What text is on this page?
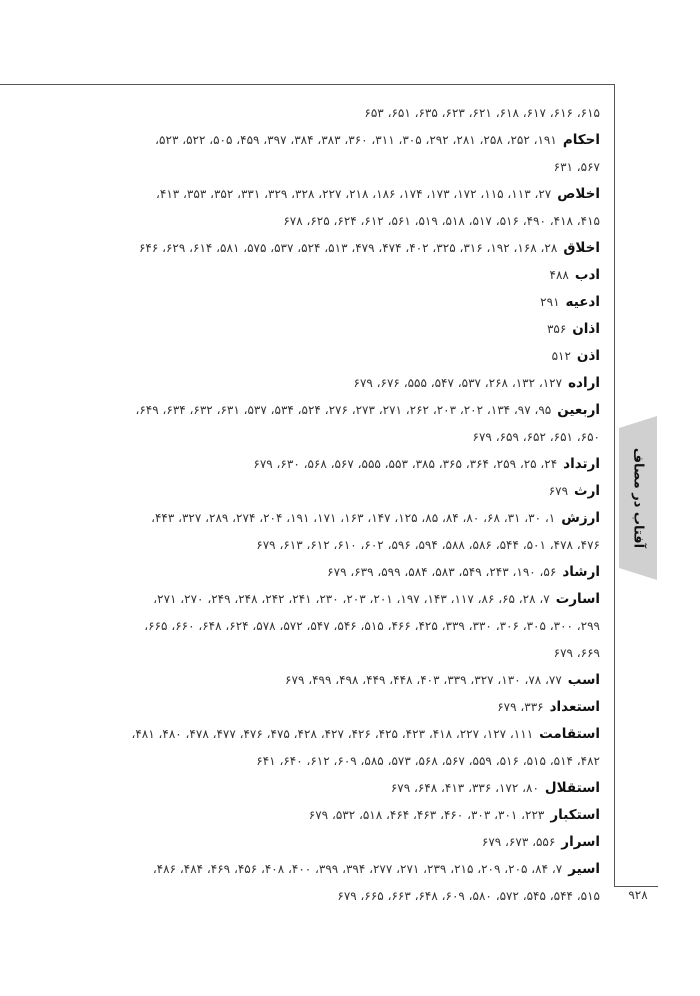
آفتاب در مصاف
۹۲۸
۶۱۵، ۶۱۶، ۶۱۷، ۶۱۸، ۶۲۱، ۶۲۳، ۶۳۵، ۶۵۱، ۶۵۳
احکام۱۹۱، ۲۵۲، ۲۵۸، ۲۸۱، ۲۹۲، ۳۰۵، ۳۱۱، ۳۶۰، ۳۸۳، ۳۸۴، ۳۹۷، ۴۵۹، ۵۰۵، ۵۲۲، ۵۲۳،
۵۶۷، ۶۳۱
اخلاص۲۷، ۱۱۳، ۱۱۵، ۱۷۲، ۱۷۳، ۱۷۴، ۱۸۶، ۲۱۸، ۲۲۷، ۳۲۸، ۳۲۹، ۳۳۱، ۳۵۲، ۳۵۳، ۴۱۳،
۴۱۵، ۴۱۸، ۴۹۰، ۵۱۶، ۵۱۷، ۵۱۸، ۵۱۹، ۵۶۱، ۶۱۲، ۶۲۴، ۶۲۵، ۶۷۸
اخلاق۲۸، ۱۶۸، ۱۹۲، ۳۱۶، ۳۲۵، ۴۰۲، ۴۷۴، ۴۷۹، ۵۱۳، ۵۲۴، ۵۳۷، ۵۷۵، ۵۸۱، ۶۱۴، ۶۲۹، ۶۴۶
ادب۴۸۸
ادعیه۲۹۱
اذان۳۵۶
اذن۵۱۲
اراده۱۲۷، ۱۳۲، ۲۶۸، ۵۳۷، ۵۴۷، ۵۵۵، ۶۷۶، ۶۷۹
اربعین۹۵، ۹۷، ۱۳۴، ۲۰۲، ۲۰۳، ۲۶۲، ۲۷۱، ۲۷۳، ۲۷۶، ۵۲۴، ۵۳۴، ۵۳۷، ۶۳۱، ۶۳۲، ۶۳۴، ۶۴۹،
۶۵۰، ۶۵۱، ۶۵۲، ۶۵۹، ۶۷۹
ارتداد۲۴، ۲۵، ۲۵۹، ۳۶۴، ۳۶۵، ۳۸۵، ۵۵۳، ۵۵۵، ۵۶۷، ۵۶۸، ۶۳۰، ۶۷۹
ارث۶۷۹
ارزش۱، ۳۰، ۳۱، ۶۸، ۸۰، ۸۴، ۸۵، ۱۲۵، ۱۴۷، ۱۶۳، ۱۷۱، ۱۹۱، ۲۰۴، ۲۷۴، ۲۸۹، ۳۲۷، ۴۴۳،
۴۷۶، ۴۷۸، ۵۰۱، ۵۴۴، ۵۸۶، ۵۸۸، ۵۹۴، ۵۹۶، ۶۰۲، ۶۱۰، ۶۱۲، ۶۱۳، ۶۷۹
ارشاد۵۶، ۱۹۰، ۲۴۳، ۵۴۹، ۵۸۳، ۵۸۴، ۵۹۹، ۶۳۹، ۶۷۹
اسارت۷، ۲۸، ۶۵، ۸۶، ۱۱۷، ۱۴۳، ۱۹۷، ۲۰۱، ۲۰۳، ۲۳۰، ۲۴۱، ۲۴۲، ۲۴۸، ۲۴۹، ۲۷۰، ۲۷۱،
۲۹۹، ۳۰۰، ۳۰۵، ۳۰۶، ۳۳۰، ۳۳۹، ۴۲۵، ۴۶۶، ۵۱۵، ۵۴۶، ۵۴۷، ۵۷۲، ۵۷۸، ۶۲۴، ۶۴۸، ۶۶۰، ۶۶۵،
۶۶۹، ۶۷۹
اسب۷۷، ۷۸، ۱۳۰، ۳۲۷، ۳۳۹، ۴۰۳، ۴۴۸، ۴۴۹، ۴۹۸، ۴۹۹، ۶۷۹
استعداد۳۳۶، ۶۷۹
استقامت۱۱۱، ۱۲۷، ۲۲۷، ۴۱۸، ۴۲۳، ۴۲۵، ۴۲۶، ۴۲۷، ۴۲۸، ۴۷۵، ۴۷۶، ۴۷۷، ۴۷۸، ۴۸۰، ۴۸۱،
۴۸۲، ۵۱۴، ۵۱۵، ۵۱۶، ۵۵۹، ۵۶۷، ۵۶۸، ۵۷۳، ۵۸۵، ۶۰۹، ۶۱۲، ۶۴۰، ۶۴۱
استقلال۸۰، ۱۷۲، ۳۳۶، ۴۱۳، ۶۴۸، ۶۷۹
استکبار۲۲۳، ۳۰۱، ۳۰۳، ۴۶۰، ۴۶۳، ۴۶۴، ۵۱۸، ۵۳۲، ۶۷۹
اسرار۵۵۶، ۶۷۳، ۶۷۹
اسیر۷، ۸۴، ۲۰۵، ۲۰۹، ۲۱۵، ۲۳۹، ۲۷۱، ۲۷۷، ۳۹۴، ۳۹۹، ۴۰۰، ۴۰۸، ۴۵۶، ۴۶۹، ۴۸۴، ۴۸۶،
۵۱۵، ۵۴۴، ۵۴۵، ۵۷۲، ۵۸۰، ۶۰۹، ۶۴۸، ۶۶۳، ۶۶۵، ۶۷۹
